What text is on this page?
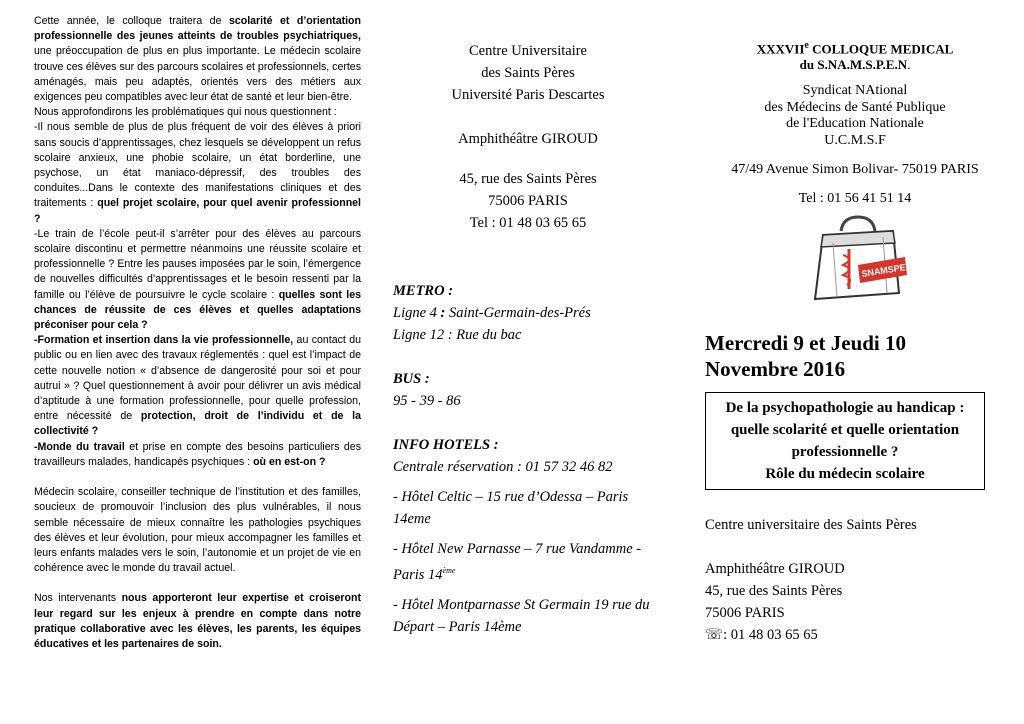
Cette année, le colloque traitera de scolarité et d’orientation professionnelle des jeunes atteints de troubles psychiatriques, une préoccupation de plus en plus importante. Le médecin scolaire trouve ces élèves sur des parcours scolaires et professionnels, certes aménagés, mais peu adaptés, orientés vers des métiers aux exigences peu compatibles avec leur état de santé et leur bien-être.

Nous approfondirons les problématiques qui nous questionnent :

-Il nous semble de plus de plus fréquent de voir des élèves à priori sans soucis d’apprentissages, chez lesquels se développent un refus scolaire anxieux, une phobie scolaire, un état borderline, une psychose, un état maniaco-dépressif, des troubles des conduites...Dans le contexte des manifestations cliniques et des traitements : quel projet scolaire, pour quel avenir professionnel ?

-Le train de l’école peut-il s’arrêter pour des élèves au parcours scolaire discontinu et permettre néanmoins une réussite scolaire et professionnelle ? Entre les pauses imposées par le soin, l’émergence de nouvelles difficultés d’apprentissages et le besoin ressenti par la famille ou l’élève de poursuivre le cycle scolaire : quelles sont les chances de réussite de ces élèves et quelles adaptations préconiser pour cela ?

-Formation et insertion dans la vie professionnelle, au contact du public ou en lien avec des travaux réglementés : quel est l’impact de cette nouvelle notion « d’absence de dangerosité pour soi et pour autrui » ? Quel questionnement à avoir pour délivrer un avis médical d’aptitude à une formation professionnelle, pour quelle profession, entre nécessité de protection, droit de l’individu et de la collectivité ?

-Monde du travail et prise en compte des besoins particuliers des travailleurs malades, handicapés psychiques : où en est-on ?

Médecin scolaire, conseiller technique de l’institution et des familles, soucieux de promouvoir l’inclusion des plus vulnérables, il nous semble nécessaire de mieux connaître les pathologies psychiques des élèves et leur évolution, pour mieux accompagner les familles et leurs enfants malades vers le soin, l’autonomie et un projet de vie en cohérence avec le monde du travail actuel.

Nos intervenants nous apporteront leur expertise et croiseront leur regard sur les enjeux à prendre en compte dans notre pratique collaborative avec les élèves, les parents, les équipes éducatives et les partenaires de soin.

Centre Universitaire
des Saints Pères
Université Paris Descartes
Amphithéâtre GIROUD
45, rue des Saints Pères
75006 PARIS
Tel : 01 48 03 65 65
METRO :
Ligne 4 : Saint-Germain-des-Prés
Ligne 12 : Rue du bac
BUS :
95 - 39 - 86
INFO HOTELS :
Centrale réservation : 01 57 32 46 82
- Hôtel Celtic – 15 rue d’Odessa – Paris 14eme
- Hôtel New Parnasse – 7 rue Vandamme - Paris 14ème
- Hôtel Montparnasse St Germain 19 rue du Départ – Paris 14ème
XXXVIIe COLLOQUE MEDICAL
du S.NA.M.S.P.E.N.
Syndicat NAtional
des Médecins de Santé Publique
de l'Education Nationale
U.C.M.S.F
47/49 Avenue Simon Bolivar- 75019 PARIS
Tel : 01 56 41 51 14
SNAMSPEN
Mercredi 9 et Jeudi 10
Novembre 2016
De la psychopathologie au handicap :
quelle scolarité et quelle orientation
professionnelle ?
Rôle du médecin scolaire
Centre universitaire des Saints Pères
Amphithéâtre GIROUD
45, rue des Saints Pères
75006 PARIS
☏: 01 48 03 65 65
